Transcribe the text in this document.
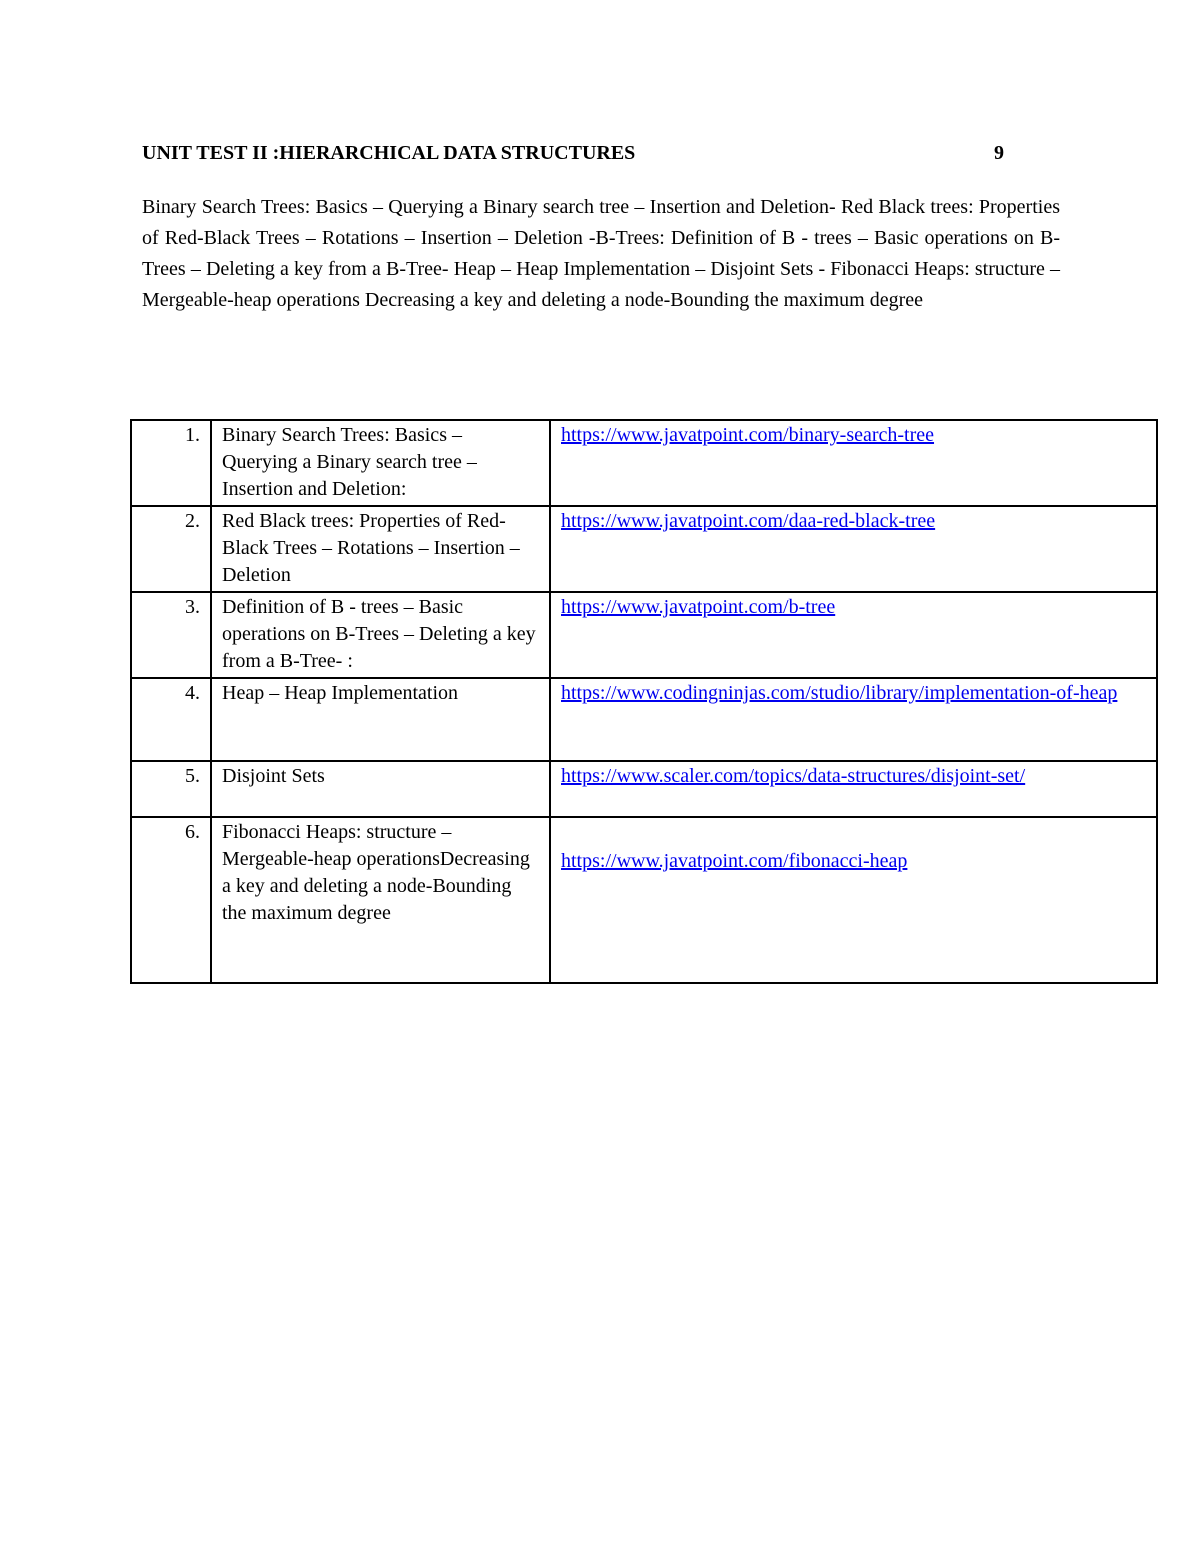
UNIT TEST II :HIERARCHICAL DATA STRUCTURES	9

Binary Search Trees: Basics – Querying a Binary search tree – Insertion and Deletion- Red Black trees: Properties of Red-Black Trees – Rotations – Insertion – Deletion -B-Trees: Definition of B - trees – Basic operations on B-Trees – Deleting a key from a B-Tree- Heap – Heap Implementation – Disjoint Sets - Fibonacci Heaps: structure – Mergeable-heap operations Decreasing a key and deleting a node-Bounding the maximum degree

1.	Binary Search Trees: Basics – Querying a Binary search tree – Insertion and Deletion:	https://www.javatpoint.com/binary-search-tree
2.	Red Black trees: Properties of Red-Black Trees – Rotations – Insertion – Deletion	https://www.javatpoint.com/daa-red-black-tree
3.	Definition of B - trees – Basic operations on B-Trees – Deleting a key from a B-Tree- :	https://www.javatpoint.com/b-tree
4.	Heap – Heap Implementation	https://www.codingninjas.com/studio/library/implementation-of-heap
5.	Disjoint Sets	https://www.scaler.com/topics/data-structures/disjoint-set/
6.	Fibonacci Heaps: structure – Mergeable-heap operationsDecreasing a key and deleting a node-Bounding the maximum degree	https://www.javatpoint.com/fibonacci-heap
